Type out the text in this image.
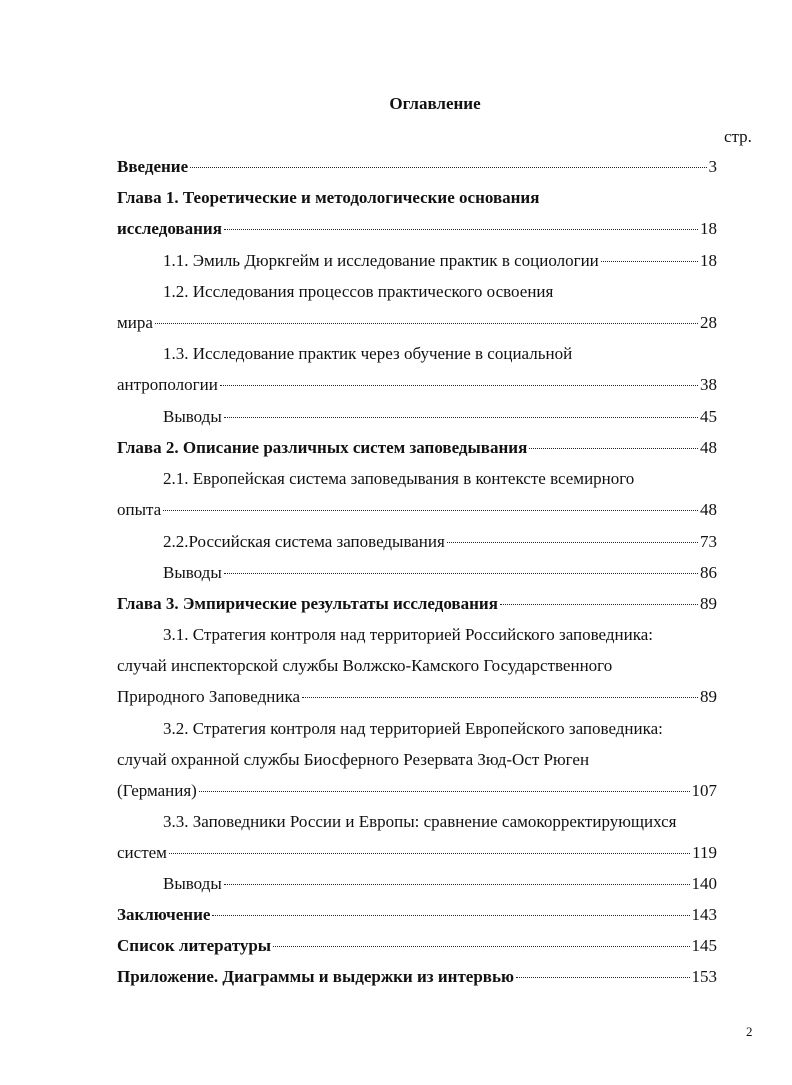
Оглавление
стр.
Введение	3
Глава 1. Теоретические и методологические основания
исследования	18
1.1. Эмиль Дюркгейм и исследование практик в социологии	18
1.2. Исследования процессов практического освоения
мира	28
1.3. Исследование практик через обучение в социальной
антропологии	38
Выводы	45
Глава 2. Описание различных систем заповедывания	48
2.1. Европейская система заповедывания в контексте всемирного
опыта	48
2.2.Российская система заповедывания	73
Выводы	86
Глава 3. Эмпирические результаты исследования	89
3.1. Стратегия контроля над территорией Российского заповедника:
случай инспекторской службы Волжско-Камского Государственного
Природного Заповедника	89
3.2. Стратегия контроля над территорией Европейского заповедника:
случай охранной службы Биосферного Резервата Зюд-Ост Рюген
(Германия)	107
3.3. Заповедники России и Европы: сравнение самокорректирующихся
систем	119
Выводы	140
Заключение	143
Список литературы	145
Приложение. Диаграммы и выдержки из интервью	153
2
